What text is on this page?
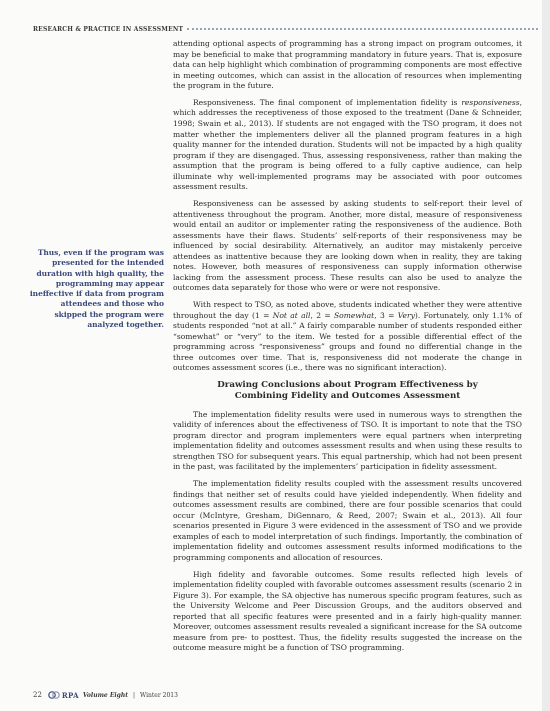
RESEARCH & PRACTICE IN ASSESSMENT
Thus, even if the program was presented for the intended duration with high quality, the programming may appear ineffective if data from program attendees and those who skipped the program were analyzed together.

attending optional aspects of programming has a strong impact on program outcomes, it may be beneficial to make that programming mandatory in future years. That is, exposure data can help highlight which combination of programming components are most effective in meeting outcomes, which can assist in the allocation of resources when implementing the program in the future.

Responsiveness. The final component of implementation fidelity is responsiveness, which addresses the receptiveness of those exposed to the treatment (Dane & Schneider, 1998; Swain et al., 2013). If students are not engaged with the TSO program, it does not matter whether the implementers deliver all the planned program features in a high quality manner for the intended duration. Students will not be impacted by a high quality program if they are disengaged. Thus, assessing responsiveness, rather than making the assumption that the program is being offered to a fully captive audience, can help illuminate why well-implemented programs may be associated with poor outcomes assessment results.

Responsiveness can be assessed by asking students to self-report their level of attentiveness throughout the program. Another, more distal, measure of responsiveness would entail an auditor or implementer rating the responsiveness of the audience. Both assessments have their flaws. Students’ self-reports of their responsiveness may be influenced by social desirability. Alternatively, an auditor may mistakenly perceive attendees as inattentive because they are looking down when in reality, they are taking notes. However, both measures of responsiveness can supply information otherwise lacking from the assessment process. These results can also be used to analyze the outcomes data separately for those who were or were not responsive.

With respect to TSO, as noted above, students indicated whether they were attentive throughout the day (1 = Not at all, 2 = Somewhat, 3 = Very). Fortunately, only 1.1% of students responded “not at all.” A fairly comparable number of students responded either “somewhat” or “very” to the item. We tested for a possible differential effect of the programming across “responsiveness” groups and found no differential change in the three outcomes over time. That is, responsiveness did not moderate the change in outcomes assessment scores (i.e., there was no significant interaction).

Drawing Conclusions about Program Effectiveness by
Combining Fidelity and Outcomes Assessment

The implementation fidelity results were used in numerous ways to strengthen the validity of inferences about the effectiveness of TSO. It is important to note that the TSO program director and program implementers were equal partners when interpreting implementation fidelity and outcomes assessment results and when using these results to strengthen TSO for subsequent years. This equal partnership, which had not been present in the past, was facilitated by the implementers’ participation in fidelity assessment.

The implementation fidelity results coupled with the assessment results uncovered findings that neither set of results could have yielded independently. When fidelity and outcomes assessment results are combined, there are four possible scenarios that could occur (McIntyre, Gresham, DiGennaro, & Reed, 2007; Swain et al., 2013). All four scenarios presented in Figure 3 were evidenced in the assessment of TSO and we provide examples of each to model interpretation of such findings. Importantly, the combination of implementation fidelity and outcomes assessment results informed modifications to the programming components and allocation of resources.

High fidelity and favorable outcomes. Some results reflected high levels of implementation fidelity coupled with favorable outcomes assessment results (scenario 2 in Figure 3). For example, the SA objective has numerous specific program features, such as the University Welcome and Peer Discussion Groups, and the auditors observed and reported that all specific features were presented and in a fairly high-quality manner. Moreover, outcomes assessment results revealed a significant increase for the SA outcome measure from pre- to posttest. Thus, the fidelity results suggested the increase on the outcome measure might be a function of TSO programming.

22	RPA Volume Eight | Winter 2013
